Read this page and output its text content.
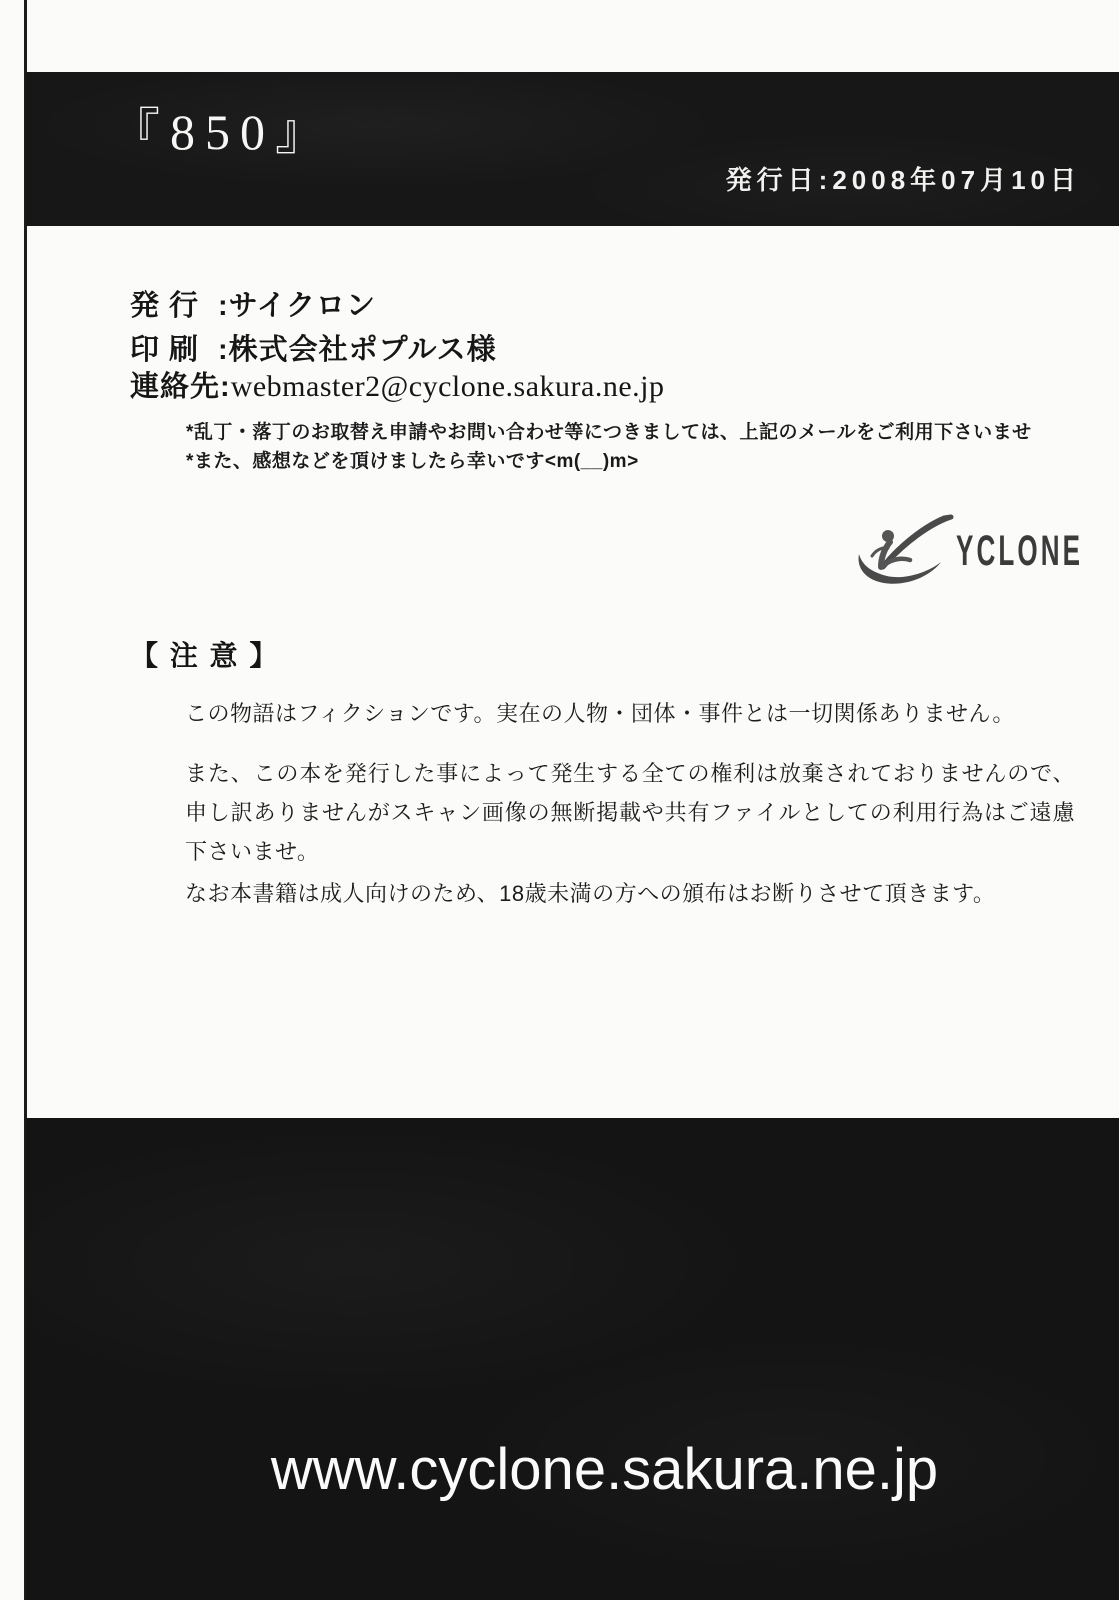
『850』
発行日:2008年07月10日
発 行 :サイクロン
印 刷 :株式会社ポプルス様
連絡先:webmaster2@cyclone.sakura.ne.jp
*乱丁・落丁のお取替え申請やお問い合わせ等につきましては、上記のメールをご利用下さいませ
*また、感想などを頂けましたら幸いです<m(__)m>
YCLONE
【 注 意 】
この物語はフィクションです。実在の人物・団体・事件とは一切関係ありません。
また、この本を発行した事によって発生する全ての権利は放棄されておりませんので、申し訳ありませんがスキャン画像の無断掲載や共有ファイルとしての利用行為はご遠慮下さいませ。
なお本書籍は成人向けのため、18歳未満の方への頒布はお断りさせて頂きます。
www.cyclone.sakura.ne.jp
